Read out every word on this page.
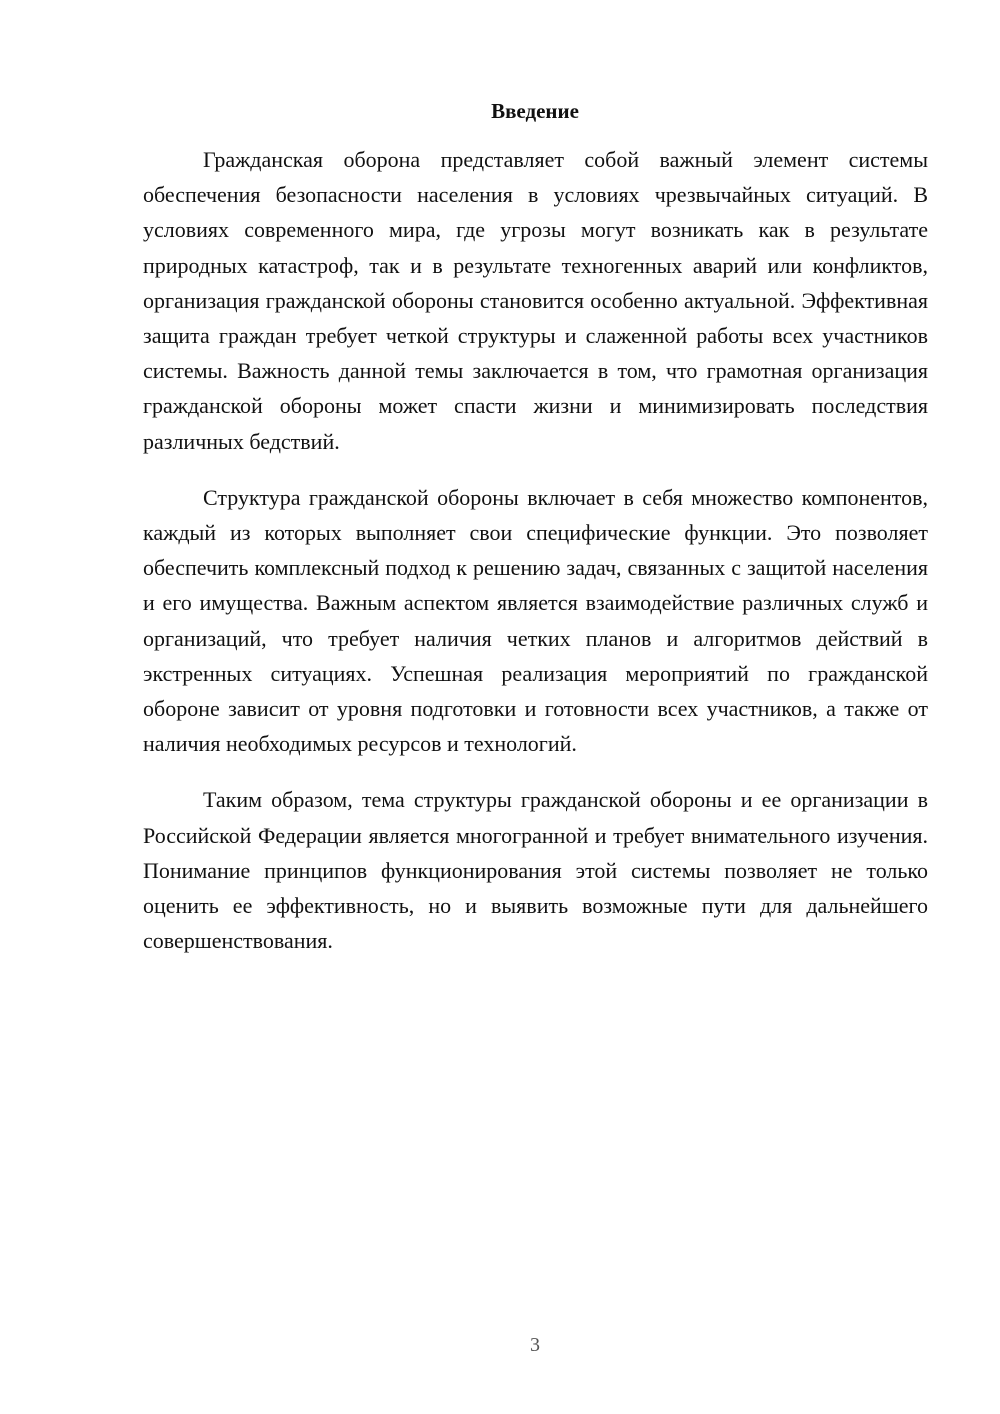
Введение

Гражданская оборона представляет собой важный элемент системы обеспечения безопасности населения в условиях чрезвычайных ситуаций. В условиях современного мира, где угрозы могут возникать как в результате природных катастроф, так и в результате техногенных аварий или конфликтов, организация гражданской обороны становится особенно актуальной. Эффективная защита граждан требует четкой структуры и слаженной работы всех участников системы. Важность данной темы заключается в том, что грамотная организация гражданской обороны может спасти жизни и минимизировать последствия различных бедствий.

Структура гражданской обороны включает в себя множество компонентов, каждый из которых выполняет свои специфические функции. Это позволяет обеспечить комплексный подход к решению задач, связанных с защитой населения и его имущества. Важным аспектом является взаимодействие различных служб и организаций, что требует наличия четких планов и алгоритмов действий в экстренных ситуациях. Успешная реализация мероприятий по гражданской обороне зависит от уровня подготовки и готовности всех участников, а также от наличия необходимых ресурсов и технологий.

Таким образом, тема структуры гражданской обороны и ее организации в Российской Федерации является многогранной и требует внимательного изучения. Понимание принципов функционирования этой системы позволяет не только оценить ее эффективность, но и выявить возможные пути для дальнейшего совершенствования.

3
